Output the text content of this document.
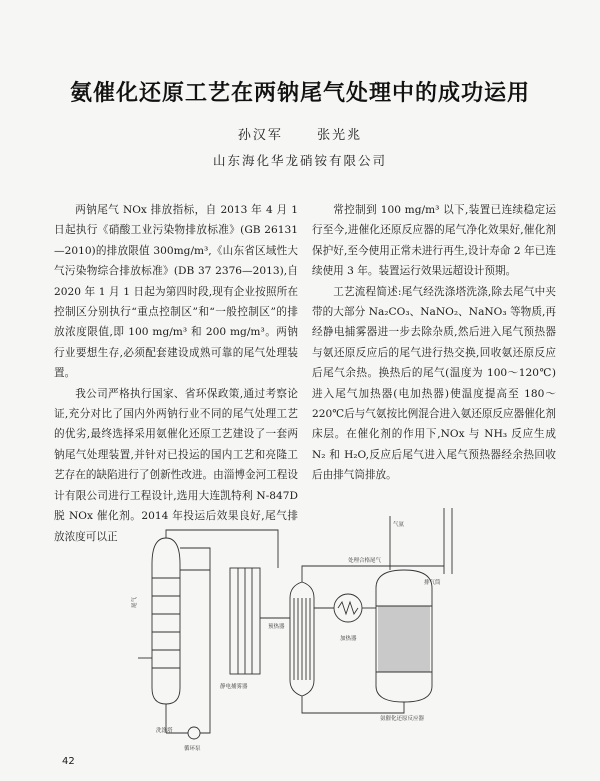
氨催化还原工艺在两钠尾气处理中的成功运用
孙汉军	张光兆
山东海化华龙硝铵有限公司

两钠尾气 NOx 排放指标，自 2013 年 4 月 1 日起执行《硝酸工业污染物排放标准》(GB 26131—2010)的排放限值 300mg/m³,《山东省区域性大气污染物综合排放标准》(DB 37 2376—2013),自 2020 年 1 月 1 日起为第四时段,现有企业按照所在控制区分别执行“重点控制区”和“一般控制区”的排放浓度限值,即 100 mg/m³ 和 200 mg/m³。两钠行业要想生存,必须配套建设成熟可靠的尾气处理装置。

我公司严格执行国家、省环保政策,通过考察论证,充分对比了国内外两钠行业不同的尾气处理工艺的优劣,最终选择采用氨催化还原工艺建设了一套两钠尾气处理装置,并针对已投运的国内工艺和亮隆工艺存在的缺陷进行了创新性改进。由淄博金河工程设计有限公司进行工程设计,选用大连凯特利 N-847D 脱 NOx 催化剂。2014 年投运后效果良好,尾气排放浓度可以正

常控制到 100 mg/m³ 以下,装置已连续稳定运行至今,进催化还原反应器的尾气净化效果好,催化剂保护好,至今使用正常未进行再生,设计寿命 2 年已连续使用 3 年。装置运行效果远超设计预期。

工艺流程简述:尾气经洗涤塔洗涤,除去尾气中夹带的大部分 Na₂CO₃、NaNO₂、NaNO₃ 等物质,再经静电捕雾器进一步去除杂质,然后进入尾气预热器与氨还原反应后的尾气进行热交换,回收氨还原反应后尾气余热。换热后的尾气(温度为 100～120℃)进入尾气加热器(电加热器)使温度提高至 180～220℃后与气氨按比例混合进入氨还原反应器催化剂床层。在催化剂的作用下,NOx 与 NH₃ 反应生成 N₂ 和 H₂O,反应后尾气进入尾气预热器经余热回收后由排气筒排放。

尾气
洗涤塔
循环泵
静电捕雾器
预热器
加热器
气氨
氨催化还原反应器
处理合格尾气
排气筒
42
